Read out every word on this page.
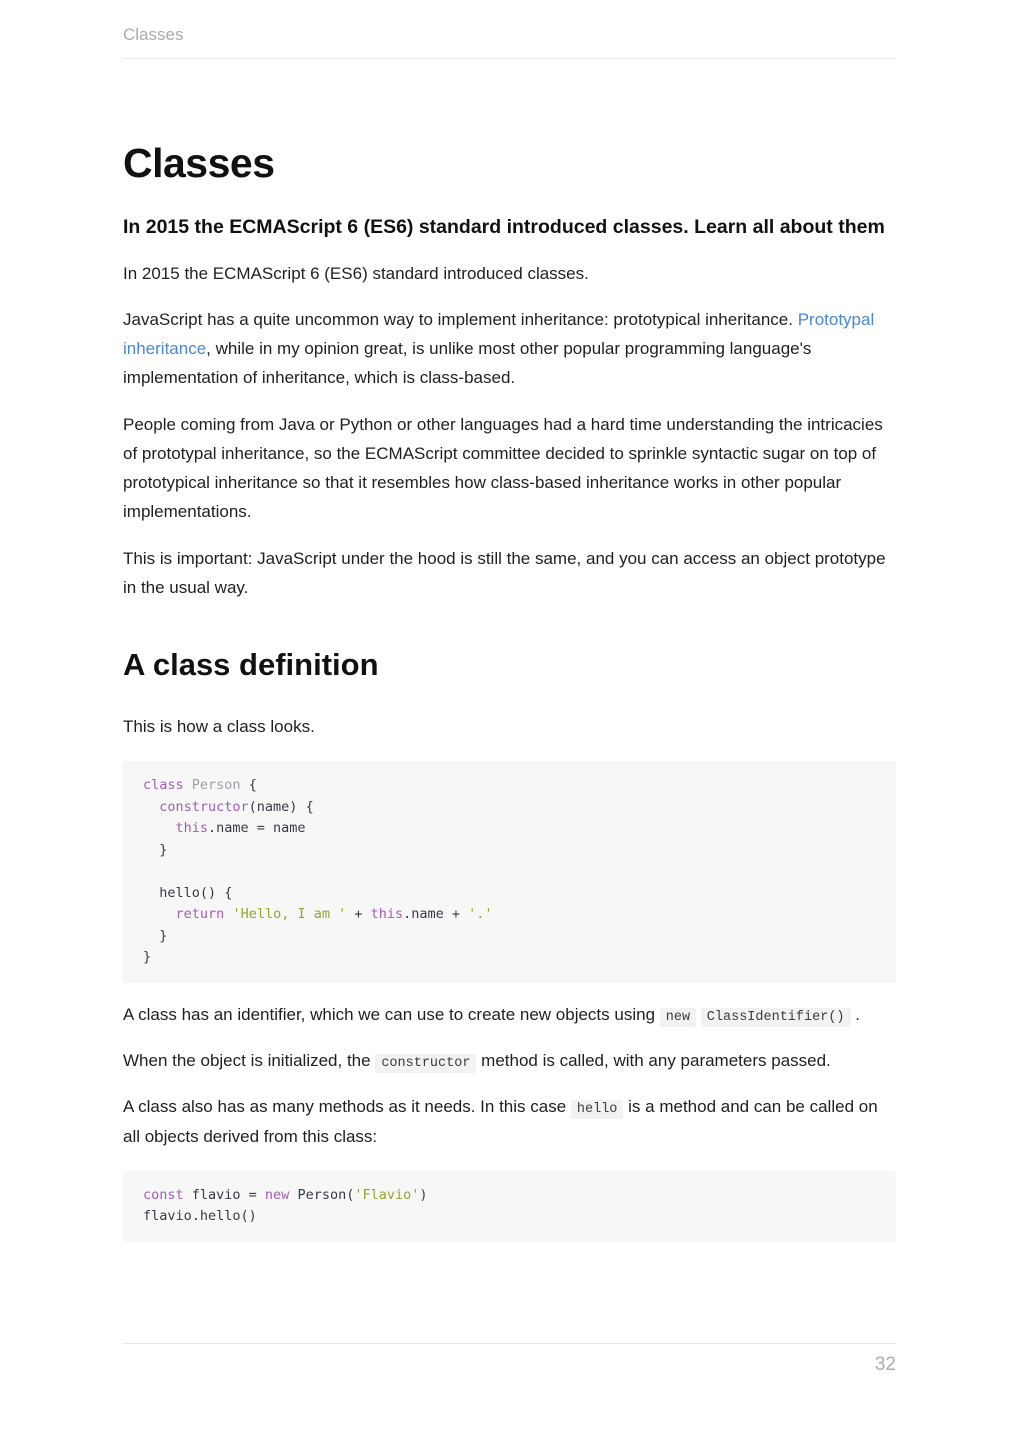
Classes
Classes

In 2015 the ECMAScript 6 (ES6) standard introduced classes. Learn all about them

In 2015 the ECMAScript 6 (ES6) standard introduced classes.

JavaScript has a quite uncommon way to implement inheritance: prototypical inheritance. Prototypal inheritance, while in my opinion great, is unlike most other popular programming language's implementation of inheritance, which is class-based.

People coming from Java or Python or other languages had a hard time understanding the intricacies of prototypal inheritance, so the ECMAScript committee decided to sprinkle syntactic sugar on top of prototypical inheritance so that it resembles how class-based inheritance works in other popular implementations.

This is important: JavaScript under the hood is still the same, and you can access an object prototype in the usual way.

A class definition

This is how a class looks.

class Person {
constructor(name) {
this.name = name
}

hello() {
return 'Hello, I am ' + this.name + '.'
}
}

A class has an identifier, which we can use to create new objects using new ClassIdentifier() .

When the object is initialized, the constructor method is called, with any parameters passed.

A class also has as many methods as it needs. In this case hello is a method and can be called on all objects derived from this class:

const flavio = new Person('Flavio')
flavio.hello()
32
